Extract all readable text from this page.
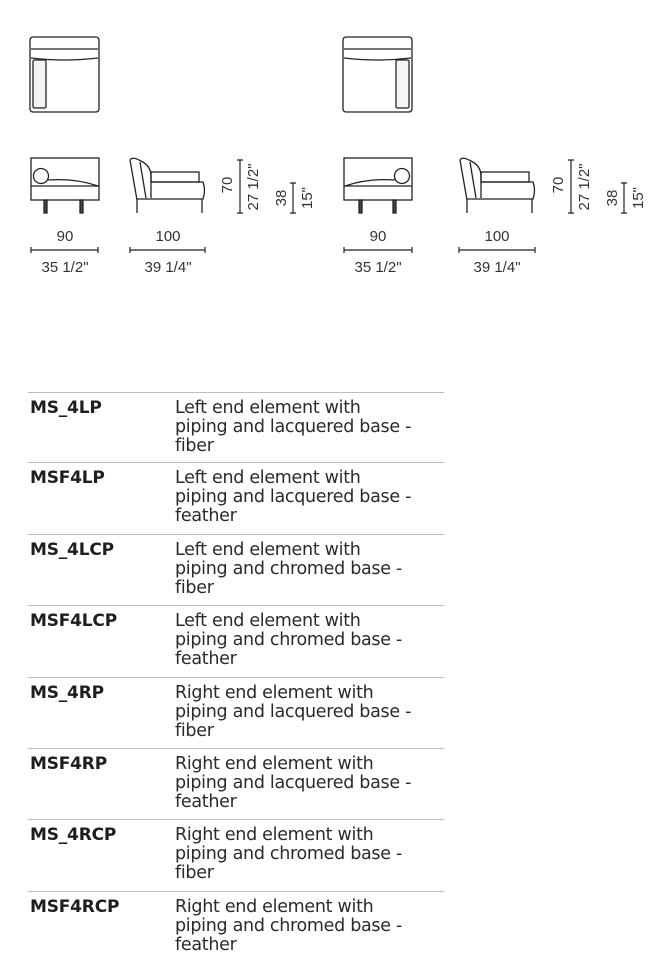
90
35 1/2"
100
39 1/4"
70 27 1/2" 38 15"
90
35 1/2"
100
39 1/4"
70 27 1/2" 38 15"
MS_4LP	Left end element with
piping and lacquered base -
fiber
MSF4LP	Left end element with
piping and lacquered base -
feather
MS_4LCP	Left end element with
piping and chromed base -
fiber
MSF4LCP	Left end element with
piping and chromed base -
feather
MS_4RP	Right end element with
piping and lacquered base -
fiber
MSF4RP	Right end element with
piping and lacquered base -
feather
MS_4RCP	Right end element with
piping and chromed base -
fiber
MSF4RCP	Right end element with
piping and chromed base -
feather
